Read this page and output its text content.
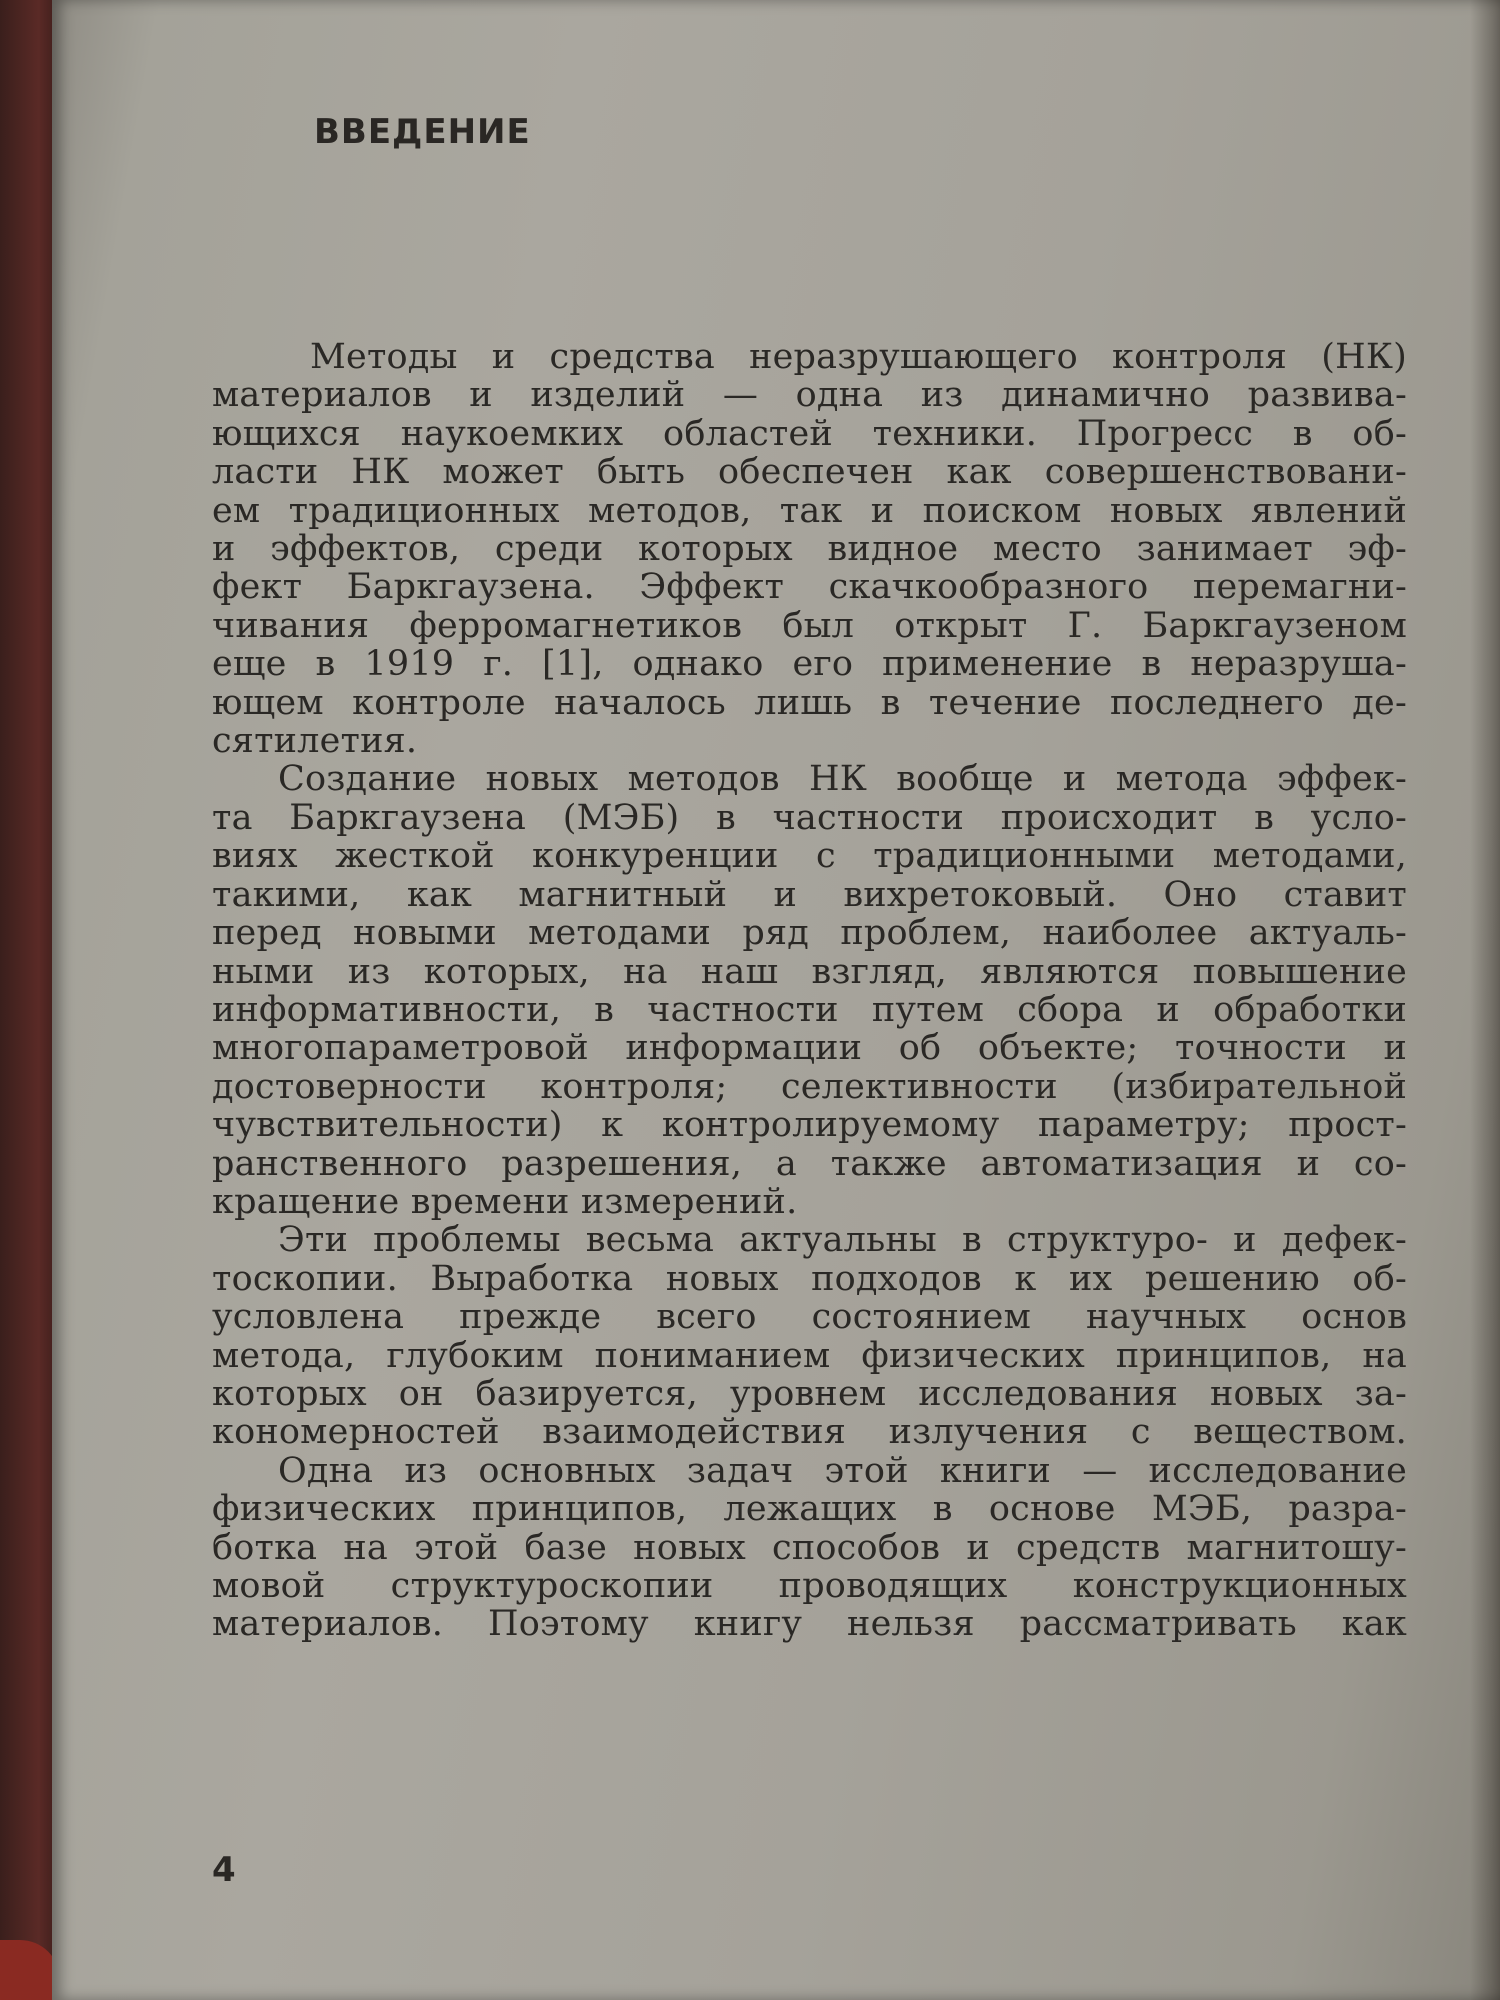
ВВЕДЕНИЕ
Методы и средства неразрушающего контроля (НК)
материалов и изделий — одна из динамично развива-
ющихся наукоемких областей техники. Прогресс в об-
ласти НК может быть обеспечен как совершенствовани-
ем традиционных методов, так и поиском новых явлений
и эффектов, среди которых видное место занимает эф-
фект Баркгаузена. Эффект скачкообразного перемагни-
чивания ферромагнетиков был открыт Г. Баркгаузеном
еще в 1919 г. [1], однако его применение в неразруша-
ющем контроле началось лишь в течение последнего де-
сятилетия.
Создание новых методов НК вообще и метода эффек-
та Баркгаузена (МЭБ) в частности происходит в усло-
виях жесткой конкуренции с традиционными методами,
такими, как магнитный и вихретоковый. Оно ставит
перед новыми методами ряд проблем, наиболее актуаль-
ными из которых, на наш взгляд, являются повышение
информативности, в частности путем сбора и обработки
многопараметровой информации об объекте; точности и
достоверности контроля; селективности (избирательной
чувствительности) к контролируемому параметру; прост-
ранственного разрешения, а также автоматизация и со-
кращение времени измерений.
Эти проблемы весьма актуальны в структуро- и дефек-
тоскопии. Выработка новых подходов к их решению об-
условлена прежде всего состоянием научных основ
метода, глубоким пониманием физических принципов, на
которых он базируется, уровнем исследования новых за-
кономерностей взаимодействия излучения с веществом.
Одна из основных задач этой книги — исследование
физических принципов, лежащих в основе МЭБ, разра-
ботка на этой базе новых способов и средств магнитошу-
мовой структуроскопии проводящих конструкционных
материалов. Поэтому книгу нельзя рассматривать как

4
